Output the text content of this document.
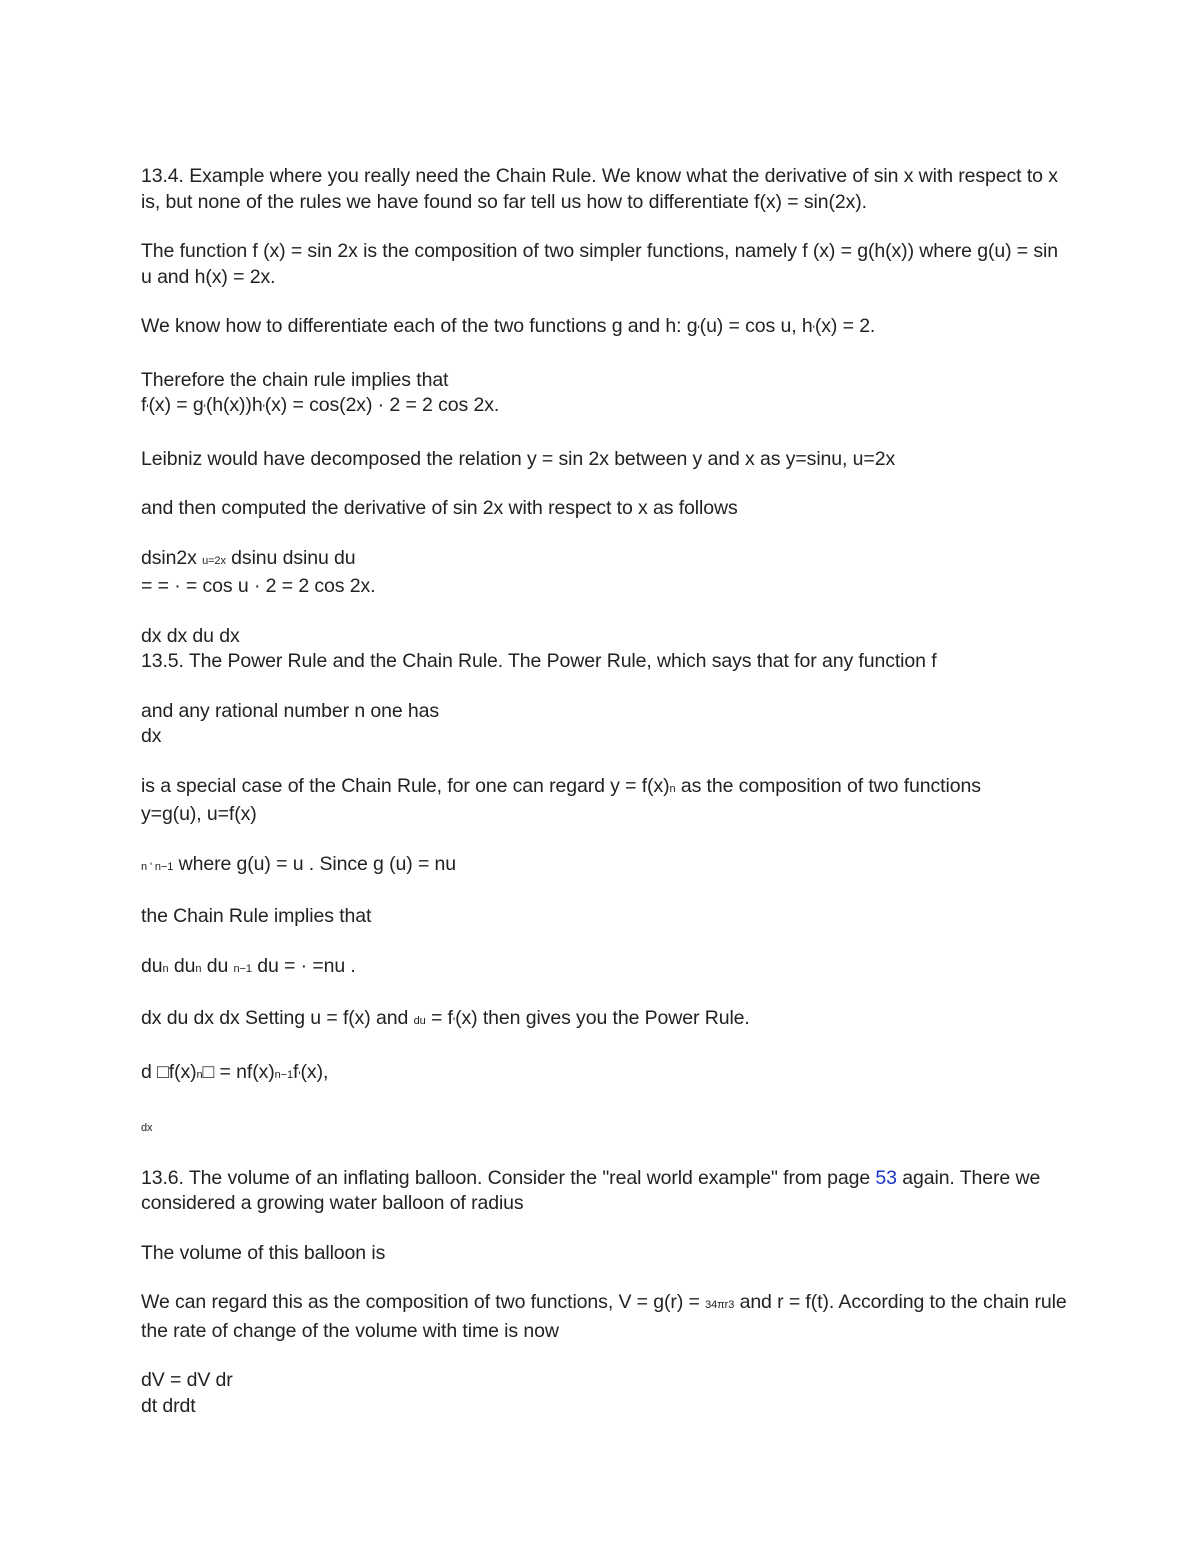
13.4. Example where you really need the Chain Rule. We know what the derivative of sin x with respect to x is, but none of the rules we have found so far tell us how to differentiate f(x) = sin(2x).

The function f (x) = sin 2x is the composition of two simpler functions, namely f (x) = g(h(x)) where g(u) = sin u and h(x) = 2x.

We know how to differentiate each of the two functions g and h: g'(u) = cos u, h'(x) = 2.

Therefore the chain rule implies that
f'(x) = g'(h(x))h'(x) = cos(2x) · 2 = 2 cos 2x.

Leibniz would have decomposed the relation y = sin 2x between y and x as y=sinu, u=2x

and then computed the derivative of sin 2x with respect to x as follows

dsin2x u=2x dsinu dsinu du
= = · = cos u · 2 = 2 cos 2x.

dx dx du dx
13.5. The Power Rule and the Chain Rule. The Power Rule, which says that for any function f

and any rational number n one has
dx

is a special case of the Chain Rule, for one can regard y = f(x)n as the composition of two functions
y=g(u), u=f(x)

n ' n−1 where g(u) = u . Since g (u) = nu

the Chain Rule implies that

dun dun du n−1 du = · =nu .

dx du dx dx Setting u = f(x) and du = f'(x) then gives you the Power Rule.

d □f(x)n□ = nf(x)n−1f'(x),

dx

13.6. The volume of an inflating balloon. Consider the "real world example" from page 53 again. There we considered a growing water balloon of radius

The volume of this balloon is

We can regard this as the composition of two functions, V = g(r) = 34πr3 and r = f(t). According to the chain rule the rate of change of the volume with time is now

dV = dV dr
dt drdt
